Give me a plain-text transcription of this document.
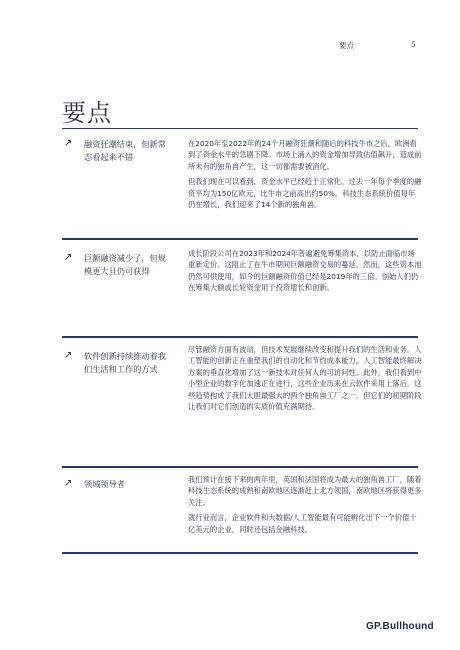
要点	5
要点
↗ 融资狂潮结束，但新常态看起来不错

在2020年至2022年的24个月融资狂潮和随后的科技牛市之后，欧洲看到了资金水平的急剧下降。市场上涌入的资金增加导致估值飙升，造成前所未有的独角兽产生，这一切都需要被消化。

但我们现在可以看到，资金水平已经趋于正常化。过去一年每个季度的融资平均为150亿欧元，比牛市之前高出约50%。科技生态系统价值每年仍在增长，我们迎来了14个新的独角兽。

↗ 巨额融资减少了，但规模更大且仍可获得

成长阶段公司在2023年和2024年普遍避免筹集资本，以防止面临市场重新定价。这阻止了在牛市期间巨额融资交易的蔓延。然而，这些资本池仍然可供使用，如今的巨额融资价值已经是2019年的三倍。创始人们仍在筹集大额或长轮资金用于投资增长和创新。

↗ 软件创新持续推动着我们生活和工作的方式

尽管融资方面有波动，但技术发展继续改变和提升我们的生活和业务。人工智能的创新正在重塑我们的自动化和节约成本能力。人工智能最终解决方案的垂直化增加了这一新技术对任何人的可访问性。此外，我们看到中小型企业的数字化加速正在进行，这些企业历来在云软件采用上落后。这些趋势构成了我们大胆最强大的两个独角兽工厂之一。但它们的初期阶段让我们对它们创造的实质价值充满期待。

↗ 领域领导者	我们预计在接下来的两年里，英国和法国将成为最大的独角兽工厂，随着科技生态系统的成熟和南欧地区逐渐赶上北方领国，南欧地区将获得更多关注。

就行业而言，企业软件和大数据/人工智能最有可能孵化出下一个价值十亿美元的企业，同时还包括金融科技。

GP.Bullhound
